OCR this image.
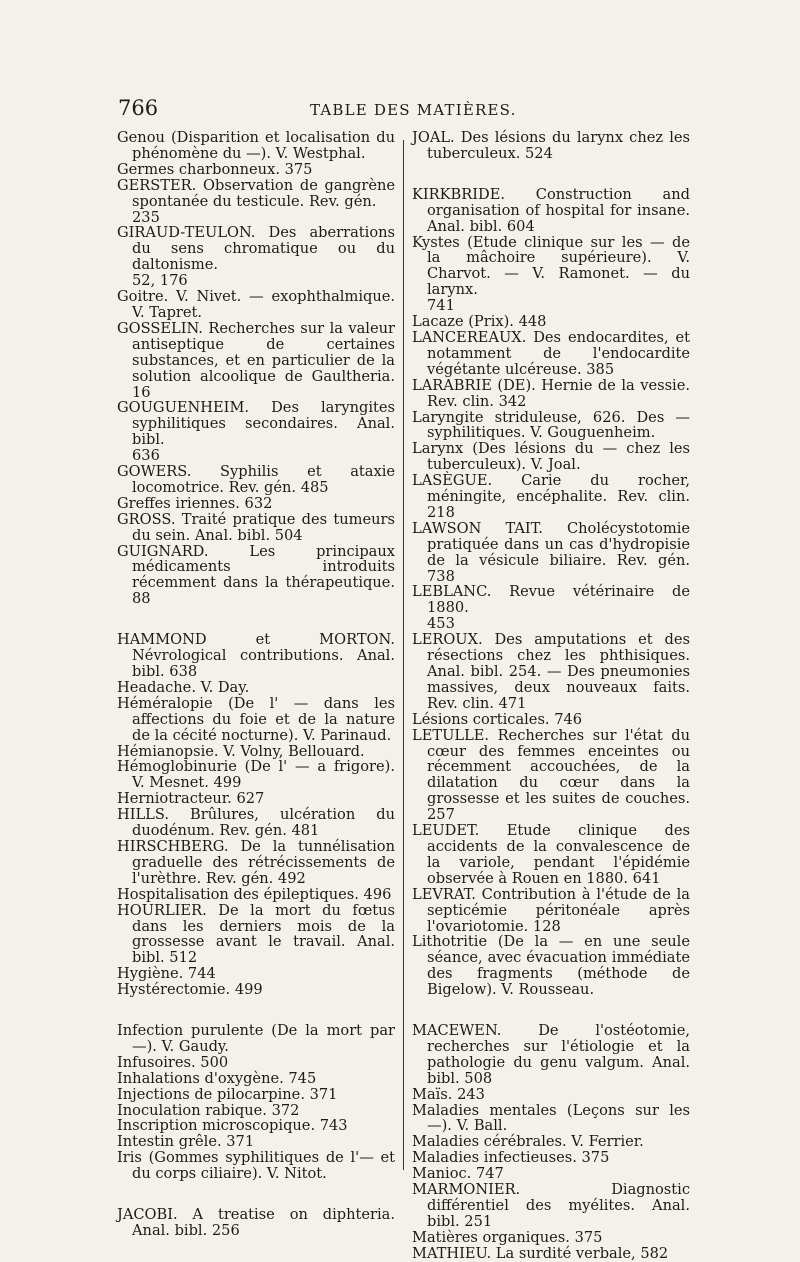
766	TABLE DES MATIÈRES.

Genou (Disparition et localisation du phénomène du —). V. Westphal.

Germes charbonneux. 375

GERSTER. Observation de gangrène spontanée du testicule. Rev. gén.
235

GIRAUD-TEULON. Des aberrations du sens chromatique ou du daltonisme.
52, 176

Goitre. V. Nivet. — exophthalmique. V. Tapret.

GOSSELIN. Recherches sur la valeur antiseptique de certaines substances, et en particulier de la solution alcoolique de Gaultheria. 16

GOUGUENHEIM. Des laryngites syphilitiques secondaires. Anal. bibl.
636

GOWERS. Syphilis et ataxie locomotrice. Rev. gén. 485

Greffes iriennes. 632

GROSS. Traité pratique des tumeurs du sein. Anal. bibl. 504

GUIGNARD. Les principaux médicaments introduits récemment dans la thérapeutique. 88

HAMMOND et MORTON. Névrological contributions. Anal. bibl. 638

Headache. V. Day.

Héméralopie (De l' — dans les affections du foie et de la nature de la cécité nocturne). V. Parinaud.

Hémianopsie. V. Volny, Bellouard.

Hémoglobinurie (De l' — a frigore). V. Mesnet. 499

Herniotracteur. 627

HILLS. Brûlures, ulcération du duodénum. Rev. gén. 481

HIRSCHBERG. De la tunnélisation graduelle des rétrécissements de l'urèthre. Rev. gén. 492

Hospitalisation des épileptiques. 496

HOURLIER. De la mort du fœtus dans les derniers mois de la grossesse avant le travail. Anal. bibl. 512

Hygiène. 744

Hystérectomie. 499

Infection purulente (De la mort par —). V. Gaudy.

Infusoires. 500

Inhalations d'oxygène. 745

Injections de pilocarpine. 371

Inoculation rabique. 372

Inscription microscopique. 743

Intestin grêle. 371

Iris (Gommes syphilitiques de l'— et du corps ciliaire). V. Nitot.

JACOBI. A treatise on diphteria. Anal. bibl. 256

JOAL. Des lésions du larynx chez les tuberculeux. 524

KIRKBRIDE. Construction and organisation of hospital for insane. Anal. bibl. 604

Kystes (Etude clinique sur les — de la mâchoire supérieure). V. Charvot. — V. Ramonet. — du larynx.
741

Lacaze (Prix). 448

LANCEREAUX. Des endocardites, et notamment de l'endocardite végétante ulcéreuse. 385

LARABRIE (DE). Hernie de la vessie. Rev. clin. 342

Laryngite striduleuse, 626. Des — syphilitiques. V. Gouguenheim.

Larynx (Des lésions du — chez les tuberculeux). V. Joal.

LASÈGUE. Carie du rocher, méningite, encéphalite. Rev. clin. 218

LAWSON TAIT. Cholécystotomie pratiquée dans un cas d'hydropisie de la vésicule biliaire. Rev. gén. 738

LEBLANC. Revue vétérinaire de 1880.
453

LEROUX. Des amputations et des résections chez les phthisiques. Anal. bibl. 254. — Des pneumonies massives, deux nouveaux faits. Rev. clin. 471

Lésions corticales. 746

LETULLE. Recherches sur l'état du cœur des femmes enceintes ou récemment accouchées, de la dilatation du cœur dans la grossesse et les suites de couches. 257

LEUDET. Etude clinique des accidents de la convalescence de la variole, pendant l'épidémie observée à Rouen en 1880. 641

LEVRAT. Contribution à l'étude de la septicémie péritonéale après l'ovariotomie. 128

Lithotritie (De la — en une seule séance, avec évacuation immédiate des fragments (méthode de Bigelow). V. Rousseau.

MACEWEN. De l'ostéotomie, recherches sur l'étiologie et la pathologie du genu valgum. Anal. bibl. 508

Maïs. 243

Maladies mentales (Leçons sur les —). V. Ball.

Maladies cérébrales. V. Ferrier.

Maladies infectieuses. 375

Manioc. 747

MARMONIER. Diagnostic différentiel des myélites. Anal. bibl. 251

Matières organiques. 375

MATHIEU. La surdité verbale, 582
